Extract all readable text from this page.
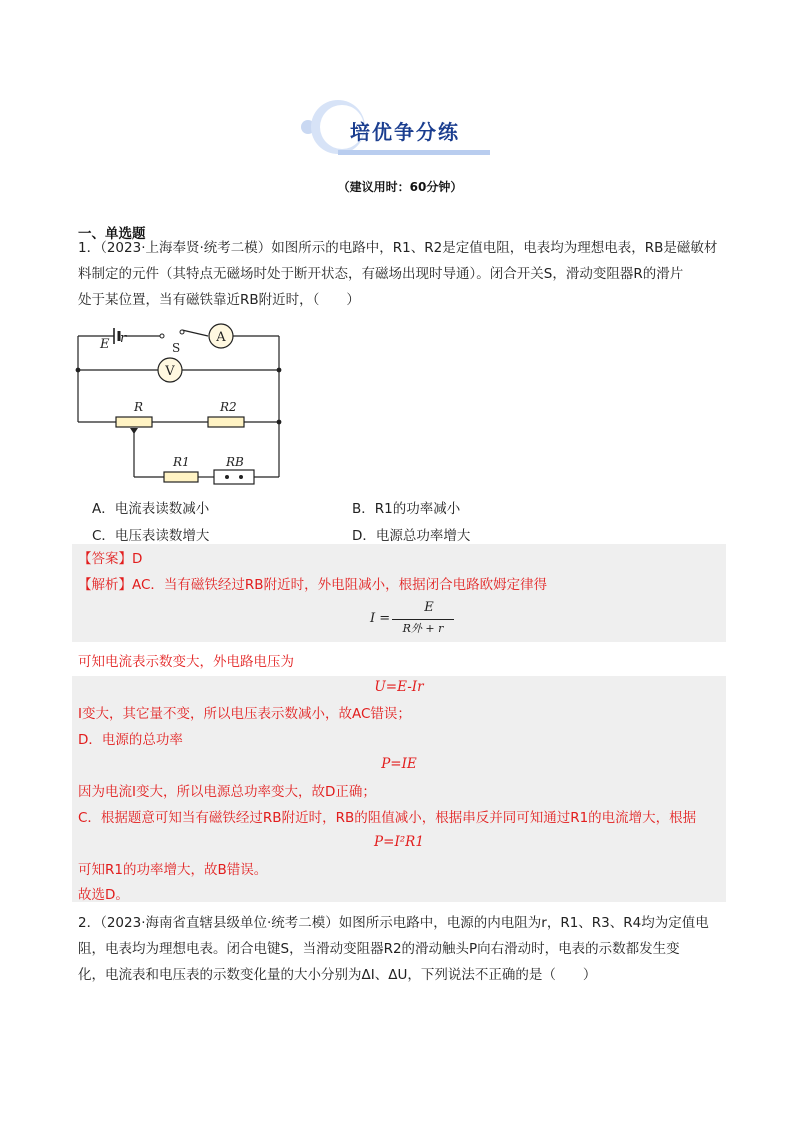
培优争分练
（建议用时：60分钟）
一、单选题
1．（2023·上海奉贤·统考二模）如图所示的电路中，R1、R2是定值电阻，电表均为理想电表，RB是磁敏材
料制定的元件（其特点无磁场时处于断开状态，有磁场出现时导通）。闭合开关S，滑动变阻器R的滑片
处于某位置，当有磁铁靠近RB附近时，（　　）
A
V
E r
S
R	R2
R1	RB
A．电流表读数减小	B．R1的功率减小
C．电压表读数增大	D．电源总功率增大
【答案】D
【解析】AC．当有磁铁经过RB附近时，外电阻减小，根据闭合电路欧姆定律得
I =
E
R外 + r
可知电流表示数变大，外电路电压为
U=E-Ir
I变大，其它量不变，所以电压表示数减小，故AC错误；
D．电源的总功率
P=IE
因为电流I变大，所以电源总功率变大，故D正确；
C．根据题意可知当有磁铁经过RB附近时，RB的阻值减小，根据串反并同可知通过R1的电流增大，根据
P=I²R1
可知R1的功率增大，故B错误。
故选D。
2．（2023·海南省直辖县级单位·统考二模）如图所示电路中，电源的内电阻为r，R1、R3、R4均为定值电
阻，电表均为理想电表。闭合电键S，当滑动变阻器R2的滑动触头P向右滑动时，电表的示数都发生变
化，电流表和电压表的示数变化量的大小分别为ΔI、ΔU，下列说法不正确的是（　　）
